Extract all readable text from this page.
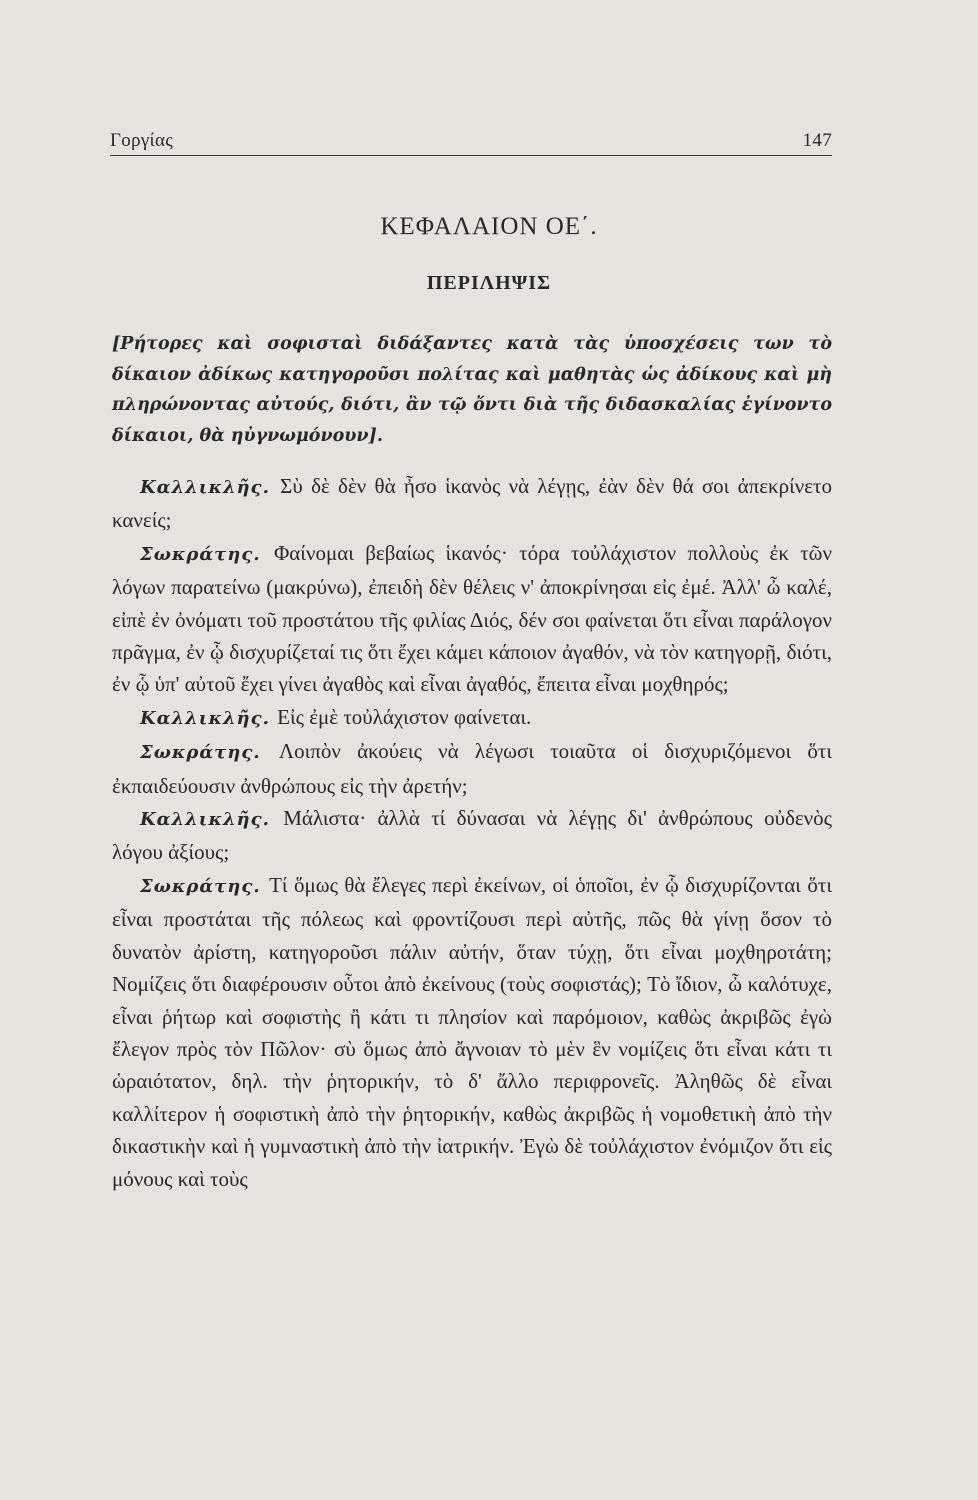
Γοργίας	147
ΚΕΦΑΛΑΙΟΝ ΟΕ΄.
ΠΕΡΙΛΗΨΙΣ
[Ρήτορες καὶ σοφισταὶ διδάξαντες κατὰ τὰς ὑποσχέσεις των τὸ δίκαιον ἀδίκως κατηγοροῦσι πολίτας καὶ μαθητὰς ὡς ἀδίκους καὶ μὴ πληρώνοντας αὐτούς, διότι, ἂν τῷ ὄντι διὰ τῆς διδασκαλίας ἐγίνοντο δίκαιοι, θὰ ηὐγνωμόνουν].

Καλλικλῆς. Σὺ δὲ δὲν θὰ ἦσο ἱκανὸς νὰ λέγῃς, ἐὰν δὲν θά σοι ἀπεκρίνετο κανείς;

Σωκράτης. Φαίνομαι βεβαίως ἱκανός· τόρα τοὐλάχιστον πολλοὺς ἐκ τῶν λόγων παρατείνω (μακρύνω), ἐπειδὴ δὲν θέλεις ν' ἀποκρίνησαι εἰς ἐμέ. Ἀλλ' ὦ καλέ, εἰπὲ ἐν ὀνόματι τοῦ προστάτου τῆς φιλίας Διός, δέν σοι φαίνεται ὅτι εἶναι παράλογον πρᾶγμα, ἐν ᾧ δισχυρίζεταί τις ὅτι ἔχει κάμει κάποιον ἀγαθόν, νὰ τὸν κατηγορῇ, διότι, ἐν ᾧ ὑπ' αὐτοῦ ἔχει γίνει ἀγαθὸς καὶ εἶναι ἀγαθός, ἔπειτα εἶναι μοχθηρός;

Καλλικλῆς. Εἰς ἐμὲ τοὐλάχιστον φαίνεται.

Σωκράτης. Λοιπὸν ἀκούεις νὰ λέγωσι τοιαῦτα οἱ δισχυριζόμενοι ὅτι ἐκπαιδεύουσιν ἀνθρώπους εἰς τὴν ἀρετήν;

Καλλικλῆς. Μάλιστα· ἀλλὰ τί δύνασαι νὰ λέγῃς δι' ἀνθρώπους οὐδενὸς λόγου ἀξίους;

Σωκράτης. Τί ὅμως θὰ ἔλεγες περὶ ἐκείνων, οἱ ὁποῖοι, ἐν ᾧ δισχυρίζονται ὅτι εἶναι προστάται τῆς πόλεως καὶ φροντίζουσι περὶ αὐτῆς, πῶς θὰ γίνῃ ὅσον τὸ δυνατὸν ἀρίστη, κατηγοροῦσι πάλιν αὐτήν, ὅταν τύχῃ, ὅτι εἶναι μοχθηροτάτη; Νομίζεις ὅτι διαφέρουσιν οὗτοι ἀπὸ ἐκείνους (τοὺς σοφιστάς); Τὸ ἴδιον, ὦ καλότυχε, εἶναι ῥήτωρ καὶ σοφιστὴς ἢ κάτι τι πλησίον καὶ παρόμοιον, καθὼς ἀκριβῶς ἐγὼ ἔλεγον πρὸς τὸν Πῶλον· σὺ ὅμως ἀπὸ ἄγνοιαν τὸ μὲν ἓν νομίζεις ὅτι εἶναι κάτι τι ὡραιότατον, δηλ. τὴν ῥητορικήν, τὸ δ' ἄλλο περιφρονεῖς. Ἀληθῶς δὲ εἶναι καλλίτερον ἡ σοφιστικὴ ἀπὸ τὴν ῥητορικήν, καθὼς ἀκριβῶς ἡ νομοθετικὴ ἀπὸ τὴν δικαστικὴν καὶ ἡ γυμναστικὴ ἀπὸ τὴν ἰατρικήν. Ἐγὼ δὲ τοὐλάχιστον ἐνόμιζον ὅτι εἰς μόνους καὶ τοὺς
